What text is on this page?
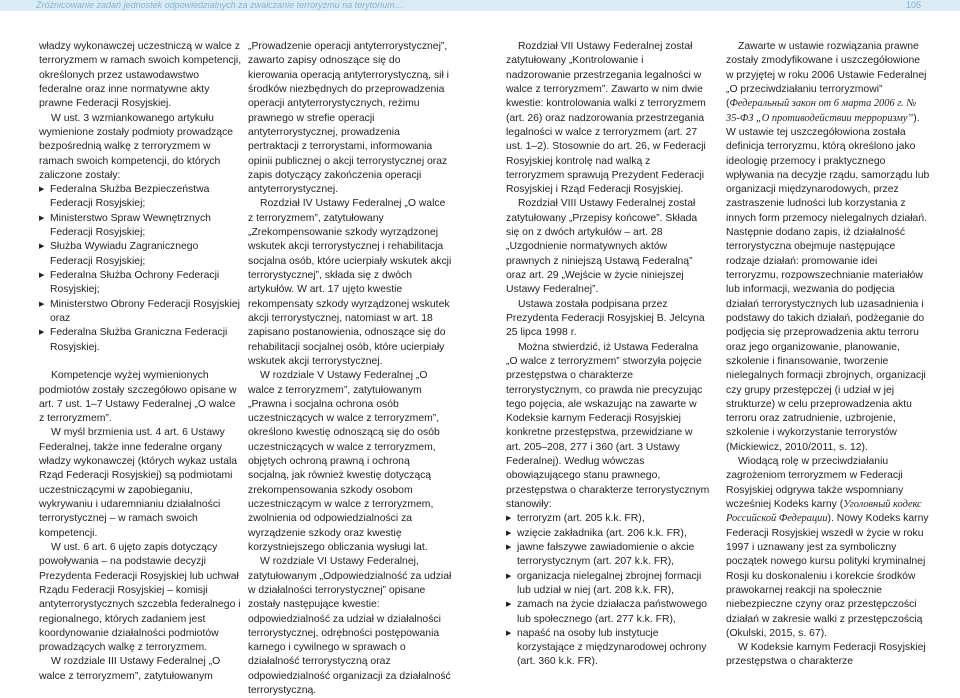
Zróżnicowanie zadań jednostek odpowiedzialnych za zwalczanie terroryzmu na terytorium…	105

władzy wykonawczej uczestniczą w walce z terroryzmem w ramach swoich kompetencji, określonych przez ustawodawstwo federalne oraz inne normatywne akty prawne Federacji Rosyjskiej.

W ust. 3 wzmiankowanego artykułu wymienione zostały podmioty prowadzące bezpośrednią walkę z terroryzmem w ramach swoich kompetencji, do których zaliczone zostały:

▶ Federalna Służba Bezpieczeństwa Federacji Rosyjskiej;
▶ Ministerstwo Spraw Wewnętrznych Federacji Rosyjskiej;
▶ Służba Wywiadu Zagranicznego Federacji Rosyjskiej;
▶ Federalna Służba Ochrony Federacji Rosyjskiej;
▶ Ministerstwo Obrony Federacji Rosyjskiej oraz
▶ Federalna Służba Graniczna Federacji Rosyjskiej.

Kompetencje wyżej wymienionych podmiotów zostały szczegółowo opisane w art. 7 ust. 1–7 Ustawy Federalnej „O walce z terroryzmem”.

W myśl brzmienia ust. 4 art. 6 Ustawy Federalnej, także inne federalne organy władzy wykonawczej (których wykaz ustala Rząd Federacji Rosyjskiej) są podmiotami uczestniczącymi w zapobieganiu, wykrywaniu i udaremnianiu działalności terrorystycznej – w ramach swoich kompetencji.

W ust. 6 art. 6 ujęto zapis dotyczący powoływania – na podstawie decyzji Prezydenta Federacji Rosyjskiej lub uchwał Rządu Federacji Rosyjskiej – komisji antyterrorystycznych szczebla federalnego i regionalnego, których zadaniem jest koordynowanie działalności podmiotów prowadzących walkę z terroryzmem.

W rozdziale III Ustawy Federalnej „O walce z terroryzmem”, zatytułowanym

„Prowadzenie operacji antyterrorystycznej”, zawarto zapisy odnoszące się do kierowania operacją antyterrorystyczną, sił i środków niezbędnych do przeprowadzenia operacji antyterrorystycznych, reżimu prawnego w strefie operacji antyterrorystycznej, prowadzenia pertraktacji z terrorystami, informowania opinii publicznej o akcji terrorystycznej oraz zapis dotyczący zakończenia operacji antyterrorystycznej.

Rozdział IV Ustawy Federalnej „O walce z terroryzmem”, zatytułowany „Zrekompensowanie szkody wyrządzonej wskutek akcji terrorystycznej i rehabilitacja socjalna osób, które ucierpiały wskutek akcji terrorystycznej”, składa się z dwóch artykułów. W art. 17 ujęto kwestie rekompensaty szkody wyrządzonej wskutek akcji terrorystycznej, natomiast w art. 18 zapisano postanowienia, odnoszące się do rehabilitacji socjalnej osób, które ucierpiały wskutek akcji terrorystycznej.

W rozdziale V Ustawy Federalnej „O walce z terroryzmem”, zatytułowanym „Prawna i socjalna ochrona osób uczestniczących w walce z terroryzmem”, określono kwestię odnoszącą się do osób uczestniczących w walce z terroryzmem, objętych ochroną prawną i ochroną socjalną, jak również kwestię dotyczącą zrekompensowania szkody osobom uczestniczącym w walce z terroryzmem, zwolnienia od odpowiedzialności za wyrządzenie szkody oraz kwestię korzystniejszego obliczania wysługi lat.

W rozdziale VI Ustawy Federalnej, zatytułowanym „Odpowiedzialność za udział w działalności terrorystycznej” opisane zostały następujące kwestie: odpowiedzialność za udział w działalności terrorystycznej, odrębności postępowania karnego i cywilnego w sprawach o działalność terrorystyczną oraz odpowiedzialność organizacji za działalność terrorystyczną.

Rozdział VII Ustawy Federalnej został zatytułowany „Kontrolowanie i nadzorowanie przestrzegania legalności w walce z terroryzmem”. Zawarto w nim dwie kwestie: kontrolowania walki z terroryzmem (art. 26) oraz nadzorowania przestrzegania legalności w walce z terroryzmem (art. 27 ust. 1–2). Stosownie do art. 26, w Federacji Rosyjskiej kontrolę nad walką z terroryzmem sprawują Prezydent Federacji Rosyjskiej i Rząd Federacji Rosyjskiej.

Rozdział VIII Ustawy Federalnej został zatytułowany „Przepisy końcowe”. Składa się on z dwóch artykułów – art. 28 „Uzgodnienie normatywnych aktów prawnych z niniejszą Ustawą Federalną” oraz art. 29 „Wejście w życie niniejszej Ustawy Federalnej”.

Ustawa została podpisana przez Prezydenta Federacji Rosyjskiej B. Jelcyna 25 lipca 1998 r.

Można stwierdzić, iż Ustawa Federalna „O walce z terroryzmem” stworzyła pojęcie przestępstwa o charakterze terrorystycznym, co prawda nie precyzując tego pojęcia, ale wskazując na zawarte w Kodeksie karnym Federacji Rosyjskiej konkretne przestępstwa, przewidziane w art. 205–208, 277 i 360 (art. 3 Ustawy Federalnej). Według wówczas obowiązującego stanu prawnego, przestępstwa o charakterze terrorystycznym stanowiły:

▶ terroryzm (art. 205 k.k. FR),
▶ wzięcie zakładnika (art. 206 k.k. FR),
▶ jawne fałszywe zawiadomienie o akcie terrorystycznym (art. 207 k.k. FR),
▶ organizacja nielegalnej zbrojnej formacji lub udział w niej (art. 208 k.k. FR),
▶ zamach na życie działacza państwowego lub społecznego (art. 277 k.k. FR),
▶ napaść na osoby lub instytucje korzystające z międzynarodowej ochrony (art. 360 k.k. FR).

Zawarte w ustawie rozwiązania prawne zostały zmodyfikowane i uszczegółowione w przyjętej w roku 2006 Ustawie Federalnej „O przeciwdziałaniu terroryzmowi” (Федеральный закон от 6 марта 2006 г. № 35-ФЗ „О противодействии терроризму”). W ustawie tej uszczegółowiona została definicja terroryzmu, którą określono jako ideologię przemocy i praktycznego wpływania na decyzje rządu, samorządu lub organizacji międzynarodowych, przez zastraszenie ludności lub korzystania z innych form przemocy nielegalnych działań. Następnie dodano zapis, iż działalność terrorystyczna obejmuje następujące rodzaje działań: promowanie idei terroryzmu, rozpowszechnianie materiałów lub informacji, wezwania do podjęcia działań terrorystycznych lub uzasadnienia i podstawy do takich działań, podżeganie do podjęcia się przeprowadzenia aktu terroru oraz jego organizowanie, planowanie, szkolenie i finansowanie, tworzenie nielegalnych formacji zbrojnych, organizacji czy grupy przestępczej (i udział w jej strukturze) w celu przeprowadzenia aktu terroru oraz zatrudnienie, uzbrojenie, szkolenie i wykorzystanie terrorystów (Mickiewicz, 2010/2011, s. 12).

Wiodącą rolę w przeciwdziałaniu zagrożeniom terroryzmem w Federacji Rosyjskiej odgrywa także wspomniany wcześniej Kodeks karny (Уголовный кодекс Российской Федерации). Nowy Kodeks karny Federacji Rosyjskiej wszedł w życie w roku 1997 i uznawany jest za symboliczny początek nowego kursu polityki kryminalnej Rosji ku doskonaleniu i korekcie środków prawokarnej reakcji na społecznie niebezpieczne czyny oraz przestępczości działań w zakresie walki z przestępczością (Okulski, 2015, s. 67).

W Kodeksie karnym Federacji Rosyjskiej przestępstwa o charakterze
